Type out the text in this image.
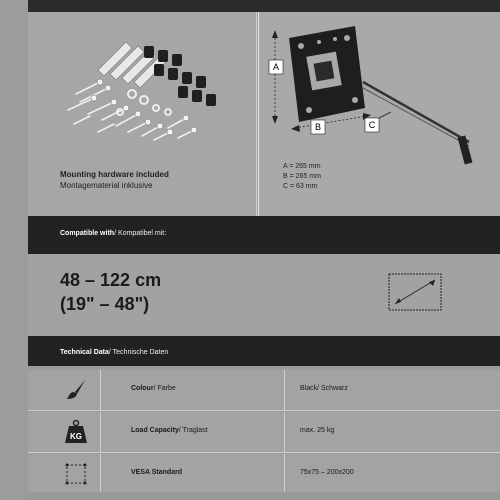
Mounting hardware included
Montagematerial inklusive
A
B	C
A = 265 mm
B = 265 mm
C = 63 mm
Compatible with/ Kompatibel mit:
48 – 122 cm
(19" – 48")
Technical Data/ Technische Daten
Colour/ Farbe	Black/ Schwarz
KG
Load Capacity/ Traglast	max. 25 kg
VESA Standard	75x75 – 200x200
